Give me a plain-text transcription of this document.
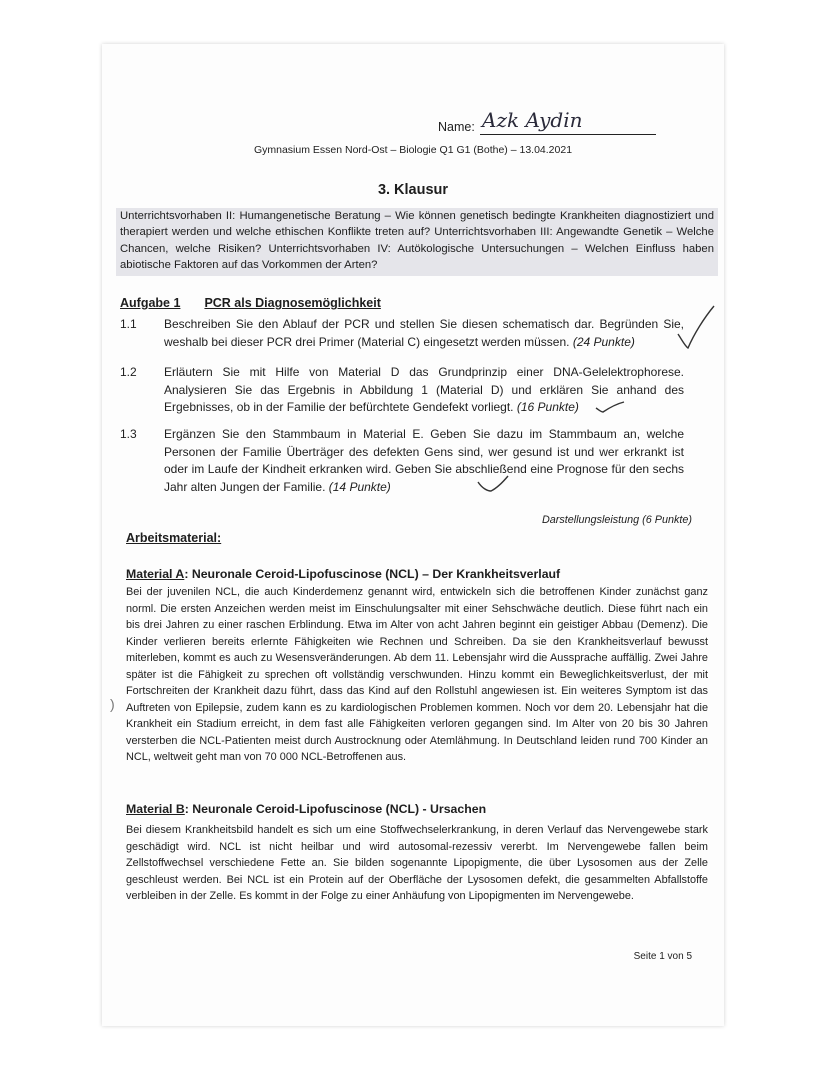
Name: Azk Aydin
Gymnasium Essen Nord-Ost – Biologie Q1 G1 (Bothe) – 13.04.2021
3. Klausur
Unterrichtsvorhaben II: Humangenetische Beratung – Wie können genetisch bedingte Krankheiten diagnostiziert und therapiert werden und welche ethischen Konflikte treten auf? Unterrichtsvorhaben III: Angewandte Genetik – Welche Chancen, welche Risiken? Unterrichtsvorhaben IV: Autökologische Untersuchungen – Welchen Einfluss haben abiotische Faktoren auf das Vorkommen der Arten?
Aufgabe 1 PCR als Diagnosemöglichkeit
1.1 Beschreiben Sie den Ablauf der PCR und stellen Sie diesen schematisch dar. Begründen Sie, weshalb bei dieser PCR drei Primer (Material C) eingesetzt werden müssen. (24 Punkte)
1.2 Erläutern Sie mit Hilfe von Material D das Grundprinzip einer DNA-Gelelektrophorese. Analysieren Sie das Ergebnis in Abbildung 1 (Material D) und erklären Sie anhand des Ergebnisses, ob in der Familie der befürchtete Gendefekt vorliegt. (16 Punkte)
1.3 Ergänzen Sie den Stammbaum in Material E. Geben Sie dazu im Stammbaum an, welche Personen der Familie Überträger des defekten Gens sind, wer gesund ist und wer erkrankt ist oder im Laufe der Kindheit erkranken wird. Geben Sie abschließend eine Prognose für den sechs Jahr alten Jungen der Familie. (14 Punkte)
Darstellungsleistung (6 Punkte)
Arbeitsmaterial:
Material A: Neuronale Ceroid-Lipofuscinose (NCL) – Der Krankheitsverlauf
Bei der juvenilen NCL, die auch Kinderdemenz genannt wird, entwickeln sich die betroffenen Kinder zunächst ganz norml. Die ersten Anzeichen werden meist im Einschulungsalter mit einer Sehschwäche deutlich. Diese führt nach ein bis drei Jahren zu einer raschen Erblindung. Etwa im Alter von acht Jahren beginnt ein geistiger Abbau (Demenz). Die Kinder verlieren bereits erlernte Fähigkeiten wie Rechnen und Schreiben. Da sie den Krankheitsverlauf bewusst miterleben, kommt es auch zu Wesensveränderungen. Ab dem 11. Lebensjahr wird die Aussprache auffällig. Zwei Jahre später ist die Fähigkeit zu sprechen oft vollständig verschwunden. Hinzu kommt ein Beweglichkeitsverlust, der mit Fortschreiten der Krankheit dazu führt, dass das Kind auf den Rollstuhl angewiesen ist. Ein weiteres Symptom ist das Auftreten von Epilepsie, zudem kann es zu kardiologischen Problemen kommen. Noch vor dem 20. Lebensjahr hat die Krankheit ein Stadium erreicht, in dem fast alle Fähigkeiten verloren gegangen sind. Im Alter von 20 bis 30 Jahren versterben die NCL-Patienten meist durch Austrocknung oder Atemlähmung. In Deutschland leiden rund 700 Kinder an NCL, weltweit geht man von 70 000 NCL-Betroffenen aus.
)
Material B: Neuronale Ceroid-Lipofuscinose (NCL) - Ursachen
Bei diesem Krankheitsbild handelt es sich um eine Stoffwechselerkrankung, in deren Verlauf das Nervengewebe stark geschädigt wird. NCL ist nicht heilbar und wird autosomal-rezessiv vererbt. Im Nervengewebe fallen beim Zellstoffwechsel verschiedene Fette an. Sie bilden sogenannte Lipopigmente, die über Lysosomen aus der Zelle geschleust werden. Bei NCL ist ein Protein auf der Oberfläche der Lysosomen defekt, die gesammelten Abfallstoffe verbleiben in der Zelle. Es kommt in der Folge zu einer Anhäufung von Lipopigmenten im Nervengewebe.
Seite 1 von 5
